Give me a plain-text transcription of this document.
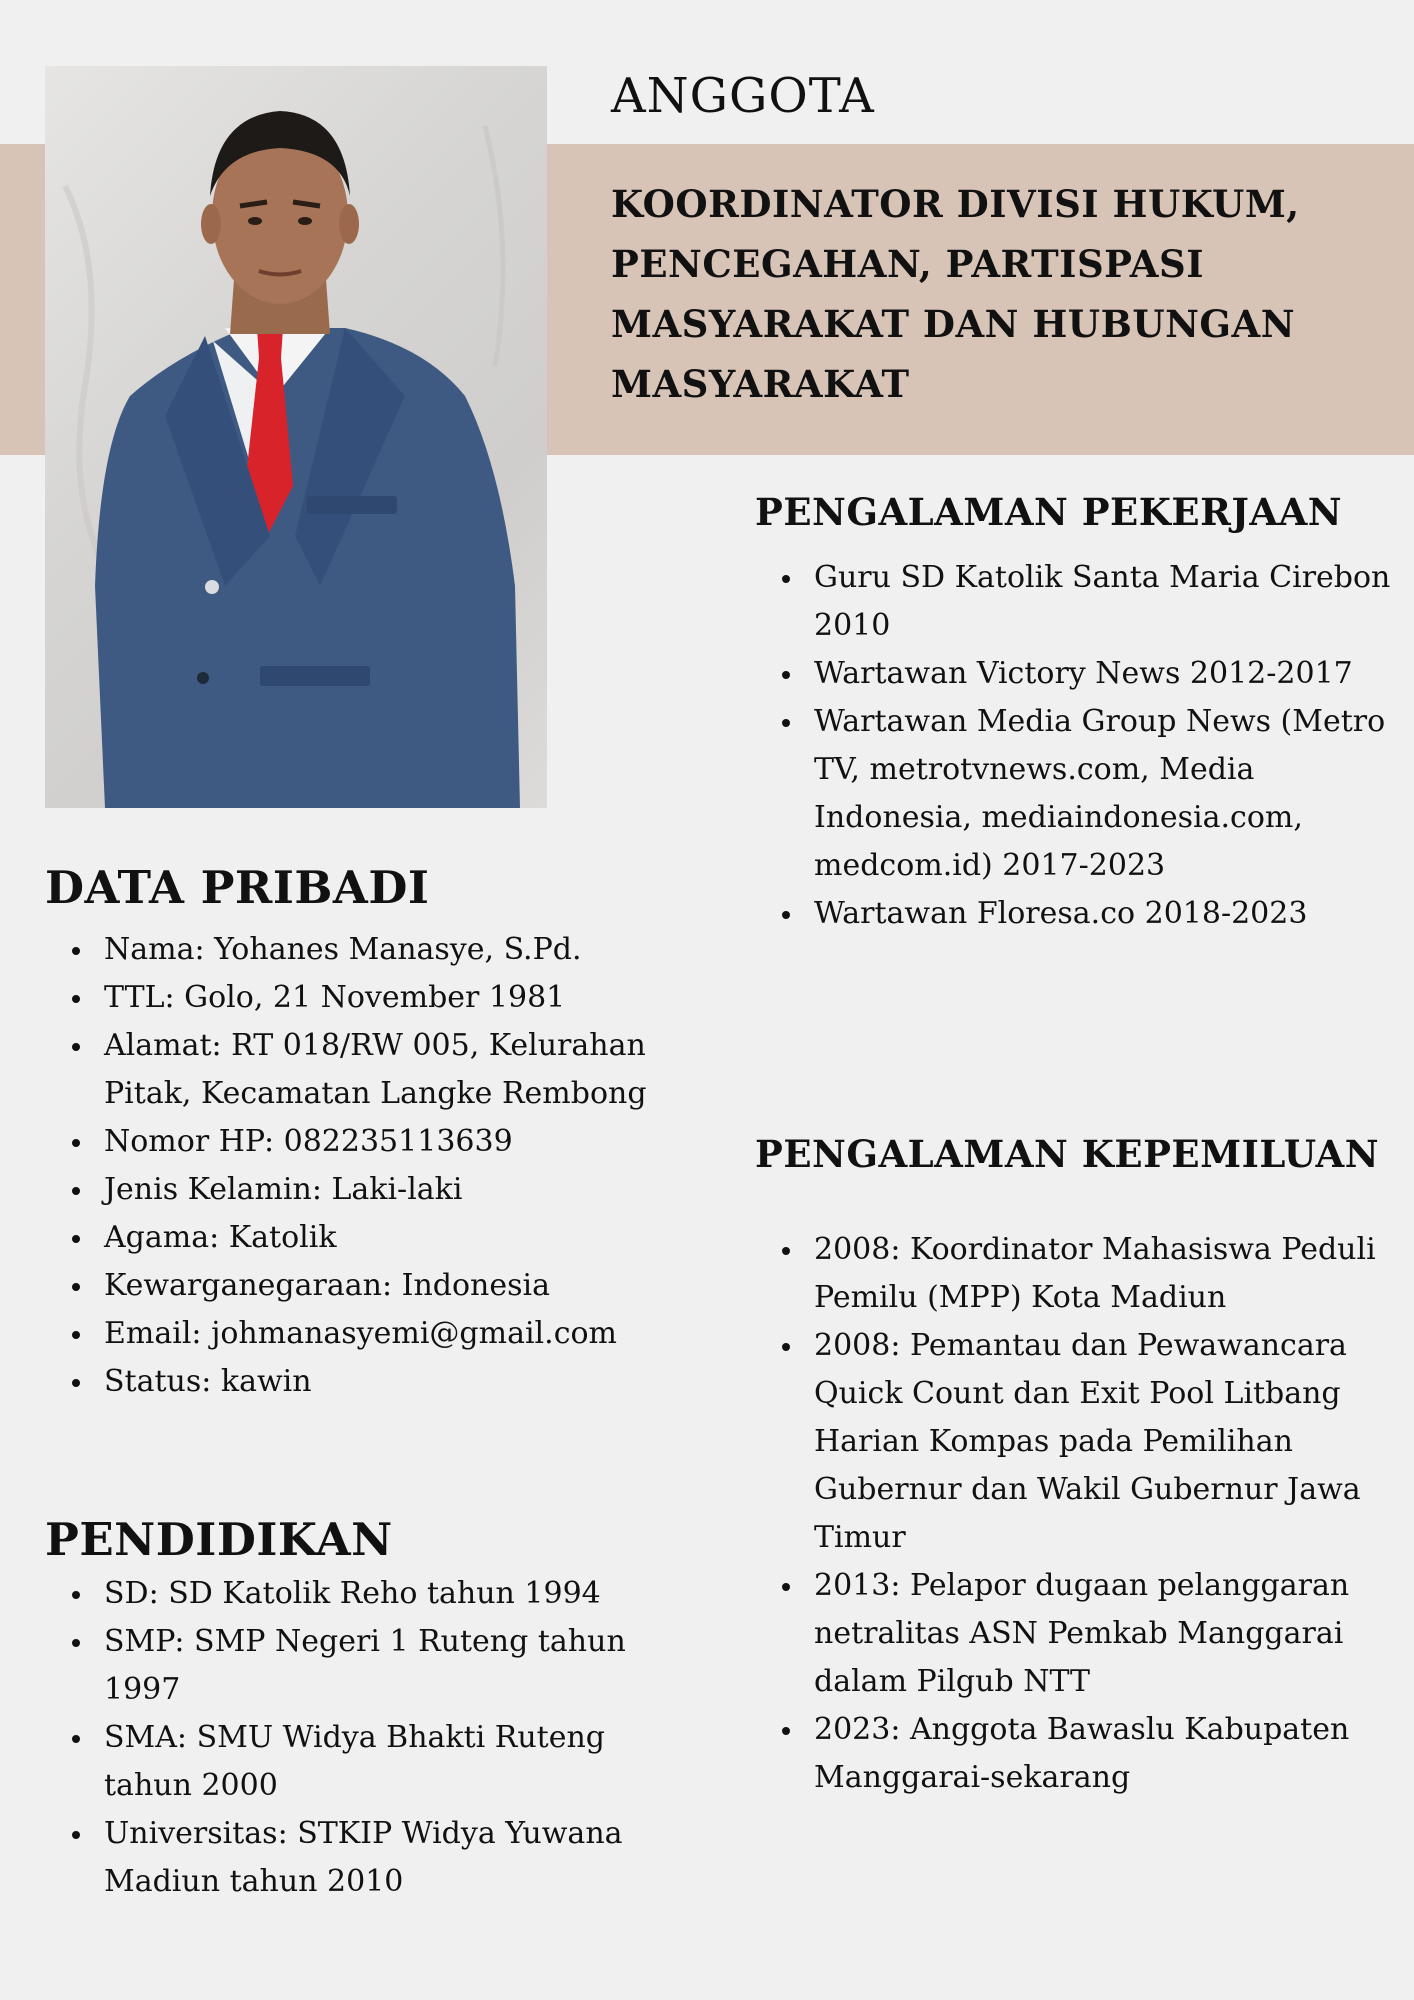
ANGGOTA
KOORDINATOR DIVISI HUKUM, PENCEGAHAN, PARTISPASI MASYARAKAT DAN HUBUNGAN MASYARAKAT
DATA PRIBADI
Nama: Yohanes Manasye, S.Pd.
TTL: Golo, 21 November 1981
Alamat: RT 018/RW 005, Kelurahan Pitak, Kecamatan Langke Rembong
Nomor HP: 082235113639
Jenis Kelamin: Laki-laki
Agama: Katolik
Kewarganegaraan: Indonesia
Email: johmanasyemi@gmail.com
Status: kawin
PENDIDIKAN
SD: SD Katolik Reho tahun 1994
SMP: SMP Negeri 1 Ruteng tahun 1997
SMA: SMU Widya Bhakti Ruteng tahun 2000
Universitas: STKIP Widya Yuwana Madiun tahun 2010
PENGALAMAN PEKERJAAN
Guru SD Katolik Santa Maria Cirebon 2010
Wartawan Victory News 2012-2017
Wartawan Media Group News (Metro TV, metrotvnews.com, Media Indonesia, mediaindonesia.com, medcom.id) 2017-2023
Wartawan Floresa.co 2018-2023
PENGALAMAN KEPEMILUAN
2008: Koordinator Mahasiswa Peduli Pemilu (MPP) Kota Madiun
2008: Pemantau dan Pewawancara Quick Count dan Exit Pool Litbang Harian Kompas pada Pemilihan Gubernur dan Wakil Gubernur Jawa Timur
2013: Pelapor dugaan pelanggaran netralitas ASN Pemkab Manggarai dalam Pilgub NTT
2023: Anggota Bawaslu Kabupaten Manggarai-sekarang
